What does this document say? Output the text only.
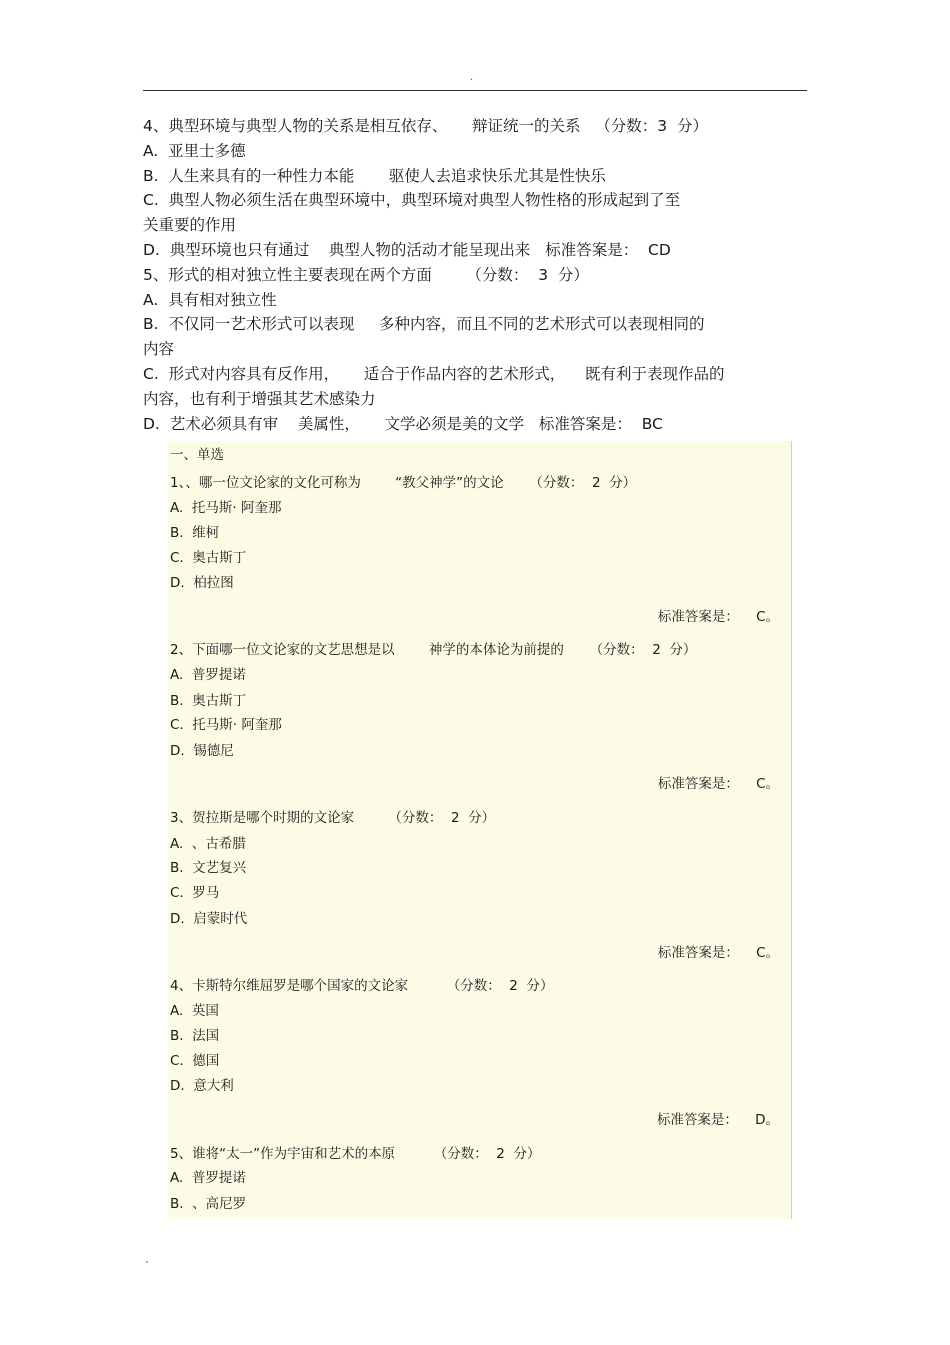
.
4、典型环境与典型人物的关系是相互依存、     辩证统一的关系   （分数：3  分）
A.  亚里士多德
B.  人生来具有的一种性力本能       驱使人去追求快乐尤其是性快乐
C.  典型人物必须生活在典型环境中，典型环境对典型人物性格的形成起到了至
关重要的作用
D.  典型环境也只有通过    典型人物的活动才能呈现出来   标准答案是：  CD
5、形式的相对独立性主要表现在两个方面       （分数：  3  分）
A.  具有相对独立性
B.  不仅同一艺术形式可以表现     多种内容，而且不同的艺术形式可以表现相同的
内容
C.  形式对内容具有反作用，     适合于作品内容的艺术形式，    既有利于表现作品的
内容，也有利于增强其艺术感染力
D.  艺术必须具有审    美属性，     文学必须是美的文学   标准答案是：  BC
一、单选
1、、哪一位文论家的文化可称为        “教父神学”的文论      （分数：  2  分）
A.  托马斯· 阿奎那
B.  维柯
C.  奥古斯丁
D.  柏拉图
标准答案是：    C。
2、下面哪一位文论家的文艺思想是以        神学的本体论为前提的      （分数：  2  分）
A.  普罗提诺
B.  奥古斯丁
C.  托马斯· 阿奎那
D.  锡德尼
标准答案是：    C。
3、贺拉斯是哪个时期的文论家        （分数：  2  分）
A.  、古希腊
B.  文艺复兴
C.  罗马
D.  启蒙时代
标准答案是：    C。
4、卡斯特尔维屈罗是哪个国家的文论家         （分数：  2  分）
A.  英国
B.  法国
C.  德国
D.  意大利
标准答案是：    D。
5、谁将“太一”作为宇宙和艺术的本原         （分数：  2  分）
A.  普罗提诺
B.  、高尼罗
.
